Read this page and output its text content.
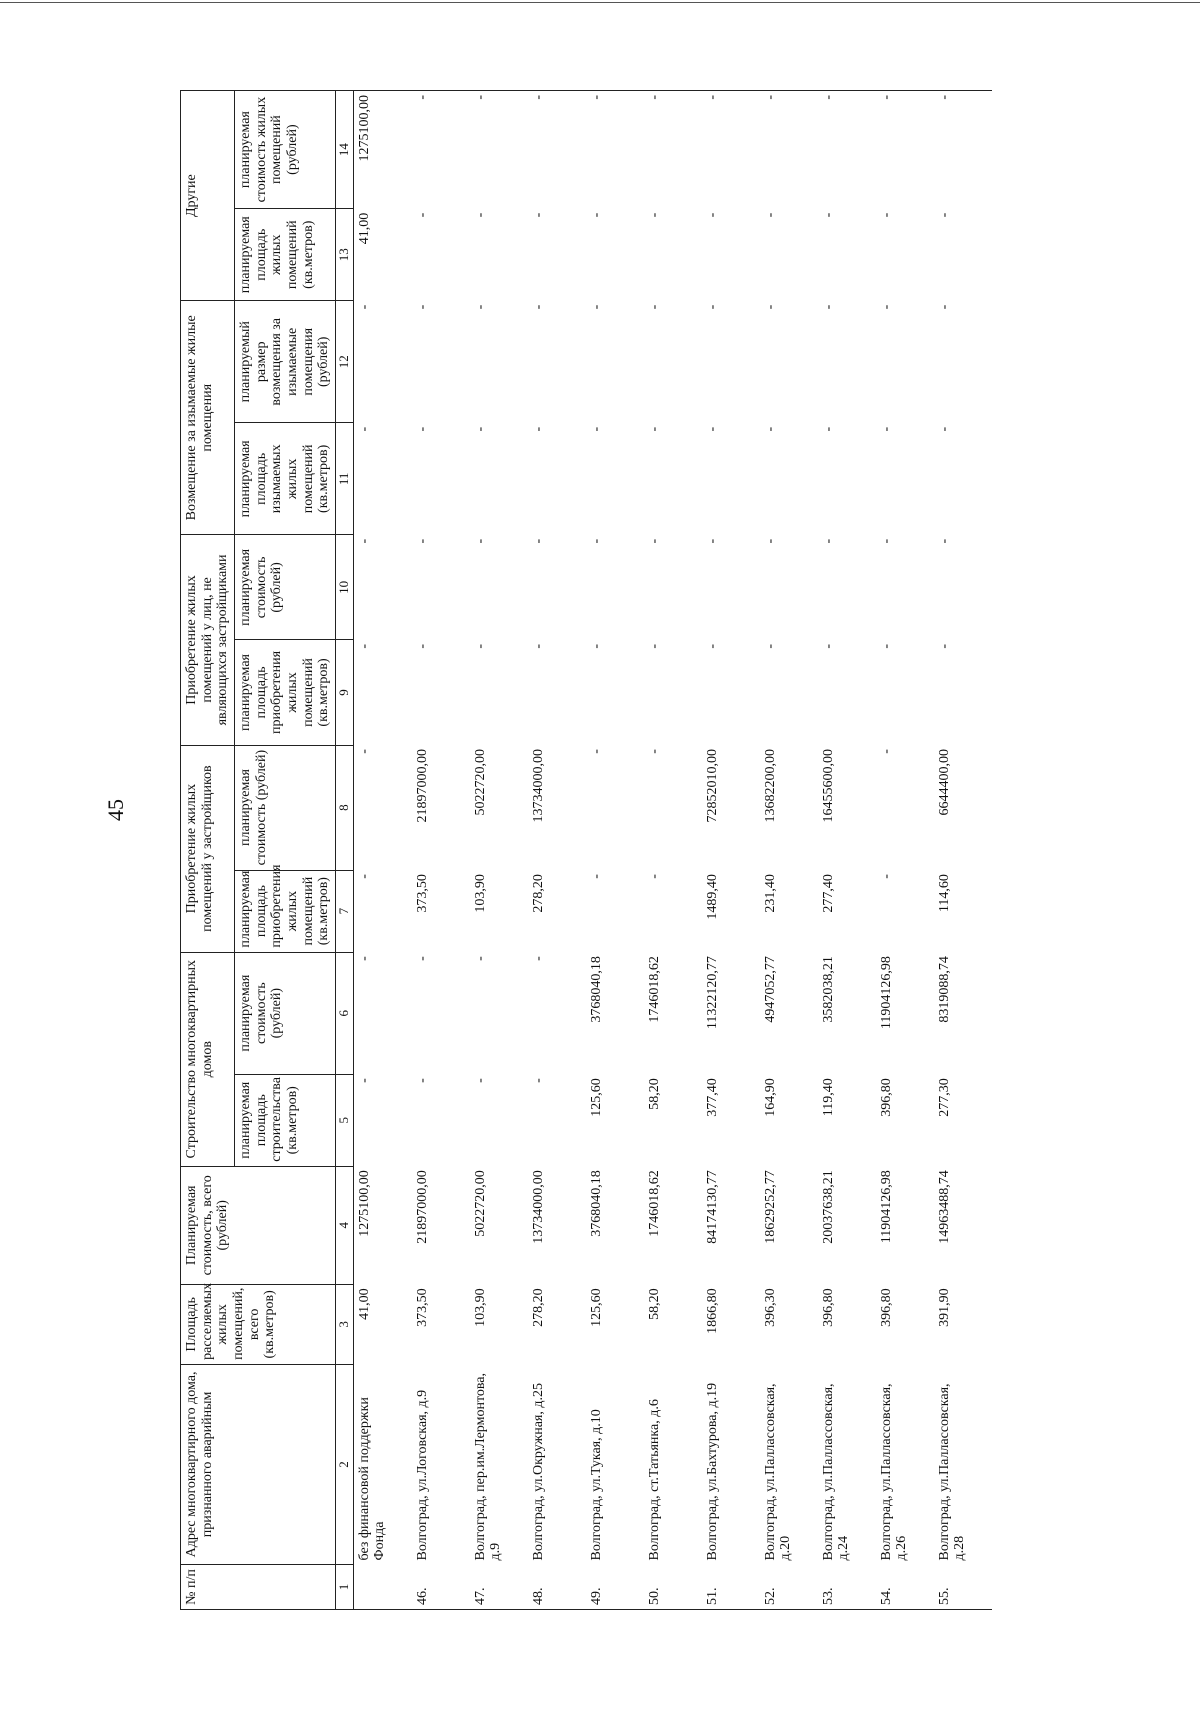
45
№ п/п	Адрес многоквартирного дома, признанного аварийным	Площадь расселяемых жилых помещений, всего (кв.метров)	Планируемая стоимость, всего (рублей)	Строительство многоквартирных домов		Приобретение жилых помещений у застройщиков		Приобретение жилых помещений у лиц, не являющихся застройщиками		Возмещение за изымаемые жилые помещения		Другие	
				планируемая площадь строительства (кв.метров)	планируемая стоимость (рублей)	планируемая площадь приобретения жилых помещений (кв.метров)	планируемая стоимость (рублей)	планируемая площадь приобретения жилых помещений (кв.метров)	планируемая стоимость (рублей)	планируемая площадь изымаемых жилых помещений (кв.метров)	планируемый размер возмещения за изымаемые помещения (рублей)	планируемая площадь жилых помещений (кв.метров)	планируемая стоимость жилых помещений (рублей)
1	2	3	4	5	6	7	8	9	10	11	12	13	14
	без финансовой поддержки Фонда	41,00	1275100,00	-	-	-	-	-	-	-	-	41,00	1275100,00
46.	Волгоград, ул.Логовская, д.9	373,50	21897000,00	-	-	373,50	21897000,00	-	-	-	-	-	-
47.	Волгоград, пер.им.Лермонтова, д.9	103,90	5022720,00	-	-	103,90	5022720,00	-	-	-	-	-	-
48.	Волгоград, ул.Окружная, д.25	278,20	13734000,00	-	-	278,20	13734000,00	-	-	-	-	-	-
49.	Волгоград, ул.Тукая, д.10	125,60	3768040,18	125,60	3768040,18	-	-	-	-	-	-	-	-
50.	Волгоград, ст.Татьянка, д.6	58,20	1746018,62	58,20	1746018,62	-	-	-	-	-	-	-	-
51.	Волгоград, ул.Бахтурова, д.19	1866,80	84174130,77	377,40	11322120,77	1489,40	72852010,00	-	-	-	-	-	-
52.	Волгоград, ул.Паллассовская, д.20	396,30	18629252,77	164,90	4947052,77	231,40	13682200,00	-	-	-	-	-	-
53.	Волгоград, ул.Паллассовская, д.24	396,80	20037638,21	119,40	3582038,21	277,40	16455600,00	-	-	-	-	-	-
54.	Волгоград, ул.Паллассовская, д.26	396,80	11904126,98	396,80	11904126,98	-	-	-	-	-	-	-	-
55.	Волгоград, ул.Паллассовская, д.28	391,90	14963488,74	277,30	8319088,74	114,60	6644400,00	-	-	-	-	-	-
